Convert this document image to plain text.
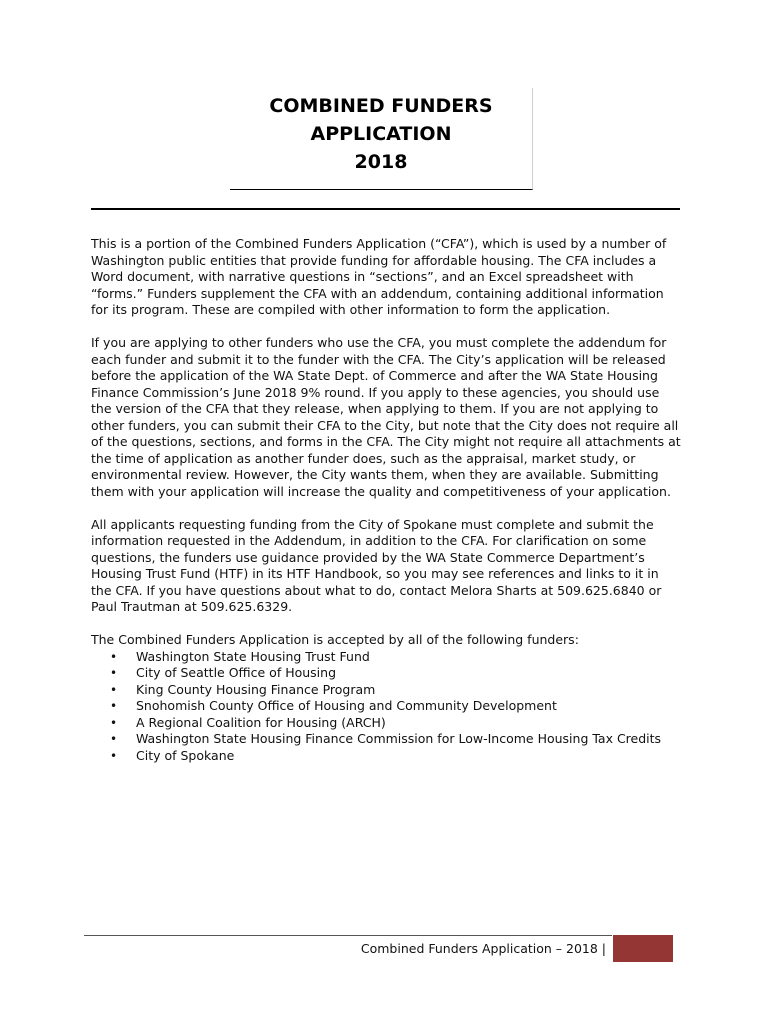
COMBINED FUNDERS
APPLICATION
2018

This is a portion of the Combined Funders Application (“CFA”), which is used by a number of Washington public entities that provide funding for affordable housing. The CFA includes a Word document, with narrative questions in “sections”, and an Excel spreadsheet with “forms.” Funders supplement the CFA with an addendum, containing additional information for its program. These are compiled with other information to form the application.

If you are applying to other funders who use the CFA, you must complete the addendum for each funder and submit it to the funder with the CFA. The City’s application will be released before the application of the WA State Dept. of Commerce and after the WA State Housing Finance Commission’s June 2018 9% round. If you apply to these agencies, you should use the version of the CFA that they release, when applying to them. If you are not applying to other funders, you can submit their CFA to the City, but note that the City does not require all of the questions, sections, and forms in the CFA. The City might not require all attachments at the time of application as another funder does, such as the appraisal, market study, or environmental review. However, the City wants them, when they are available. Submitting them with your application will increase the quality and competitiveness of your application.

All applicants requesting funding from the City of Spokane must complete and submit the information requested in the Addendum, in addition to the CFA. For clarification on some questions, the funders use guidance provided by the WA State Commerce Department’s Housing Trust Fund (HTF) in its HTF Handbook, so you may see references and links to it in the CFA. If you have questions about what to do, contact Melora Sharts at 509.625.6840 or Paul Trautman at 509.625.6329.

The Combined Funders Application is accepted by all of the following funders:

• Washington State Housing Trust Fund
• City of Seattle Office of Housing
• King County Housing Finance Program
• Snohomish County Office of Housing and Community Development
• A Regional Coalition for Housing (ARCH)
• Washington State Housing Finance Commission for Low-Income Housing Tax Credits
• City of Spokane
Combined Funders Application – 2018 |
